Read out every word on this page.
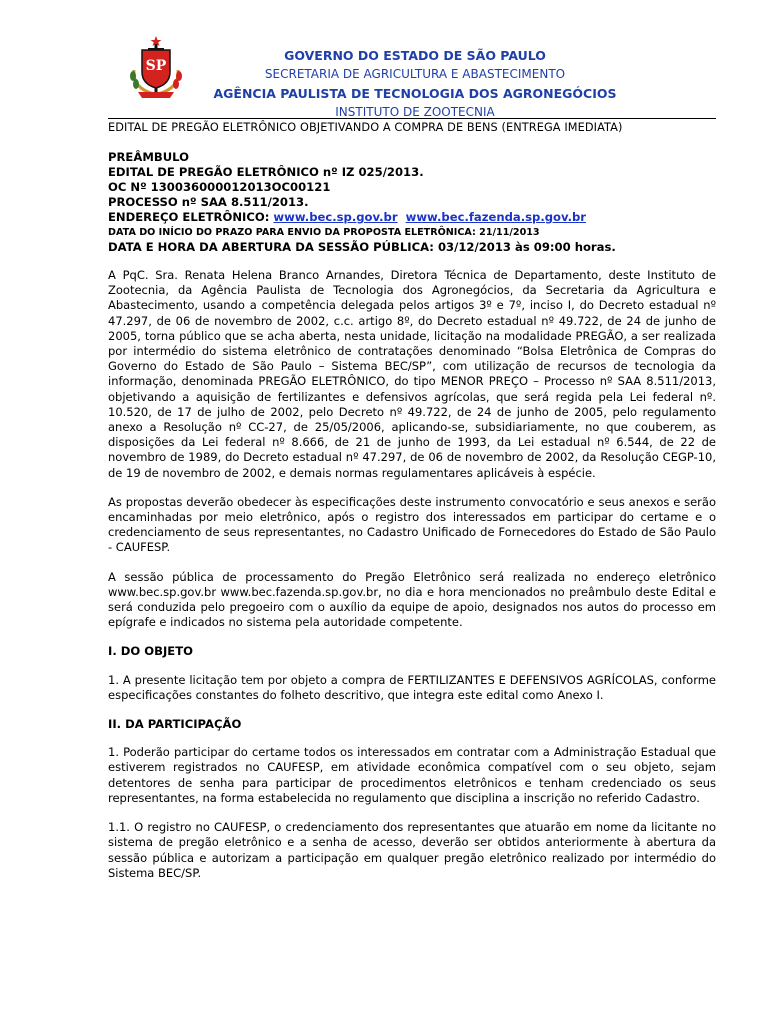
SP
GOVERNO DO ESTADO DE SÃO PAULO
SECRETARIA DE AGRICULTURA E ABASTECIMENTO
AGÊNCIA PAULISTA DE TECNOLOGIA DOS AGRONEGÓCIOS
INSTITUTO DE ZOOTECNIA
EDITAL DE PREGÃO ELETRÔNICO OBJETIVANDO A COMPRA DE BENS (ENTREGA IMEDIATA)
PREÂMBULO
EDITAL DE PREGÃO ELETRÔNICO nº IZ 025/2013.
OC Nº 130036000012013OC00121
PROCESSO nº SAA 8.511/2013.
ENDEREÇO ELETRÔNICO: www.bec.sp.gov.br www.bec.fazenda.sp.gov.br
DATA DO INÍCIO DO PRAZO PARA ENVIO DA PROPOSTA ELETRÔNICA: 21/11/2013
DATA E HORA DA ABERTURA DA SESSÃO PÚBLICA: 03/12/2013 às 09:00 horas.

A PqC. Sra. Renata Helena Branco Arnandes, Diretora Técnica de Departamento, deste Instituto de Zootecnia, da Agência Paulista de Tecnologia dos Agronegócios, da Secretaria da Agricultura e Abastecimento, usando a competência delegada pelos artigos 3º e 7º, inciso I, do Decreto estadual nº 47.297, de 06 de novembro de 2002, c.c. artigo 8º, do Decreto estadual nº 49.722, de 24 de junho de 2005, torna público que se acha aberta, nesta unidade, licitação na modalidade PREGÃO, a ser realizada por intermédio do sistema eletrônico de contratações denominado “Bolsa Eletrônica de Compras do Governo do Estado de São Paulo – Sistema BEC/SP”, com utilização de recursos de tecnologia da informação, denominada PREGÃO ELETRÔNICO, do tipo MENOR PREÇO – Processo nº SAA 8.511/2013, objetivando a aquisição de fertilizantes e defensivos agrícolas, que será regida pela Lei federal nº. 10.520, de 17 de julho de 2002, pelo Decreto nº 49.722, de 24 de junho de 2005, pelo regulamento anexo a Resolução nº CC-27, de 25/05/2006, aplicando-se, subsidiariamente, no que couberem, as disposições da Lei federal nº 8.666, de 21 de junho de 1993, da Lei estadual nº 6.544, de 22 de novembro de 1989, do Decreto estadual nº 47.297, de 06 de novembro de 2002, da Resolução CEGP-10, de 19 de novembro de 2002, e demais normas regulamentares aplicáveis à espécie.

As propostas deverão obedecer às especificações deste instrumento convocatório e seus anexos e serão encaminhadas por meio eletrônico, após o registro dos interessados em participar do certame e o credenciamento de seus representantes, no Cadastro Unificado de Fornecedores do Estado de São Paulo - CAUFESP.

A sessão pública de processamento do Pregão Eletrônico será realizada no endereço eletrônico www.bec.sp.gov.br www.bec.fazenda.sp.gov.br, no dia e hora mencionados no preâmbulo deste Edital e será conduzida pelo pregoeiro com o auxílio da equipe de apoio, designados nos autos do processo em epígrafe e indicados no sistema pela autoridade competente.

I. DO OBJETO

1. A presente licitação tem por objeto a compra de FERTILIZANTES E DEFENSIVOS AGRÍCOLAS, conforme especificações constantes do folheto descritivo, que integra este edital como Anexo I.

II. DA PARTICIPAÇÃO

1. Poderão participar do certame todos os interessados em contratar com a Administração Estadual que estiverem registrados no CAUFESP, em atividade econômica compatível com o seu objeto, sejam detentores de senha para participar de procedimentos eletrônicos e tenham credenciado os seus representantes, na forma estabelecida no regulamento que disciplina a inscrição no referido Cadastro.

1.1. O registro no CAUFESP, o credenciamento dos representantes que atuarão em nome da licitante no sistema de pregão eletrônico e a senha de acesso, deverão ser obtidos anteriormente à abertura da sessão pública e autorizam a participação em qualquer pregão eletrônico realizado por intermédio do Sistema BEC/SP.
